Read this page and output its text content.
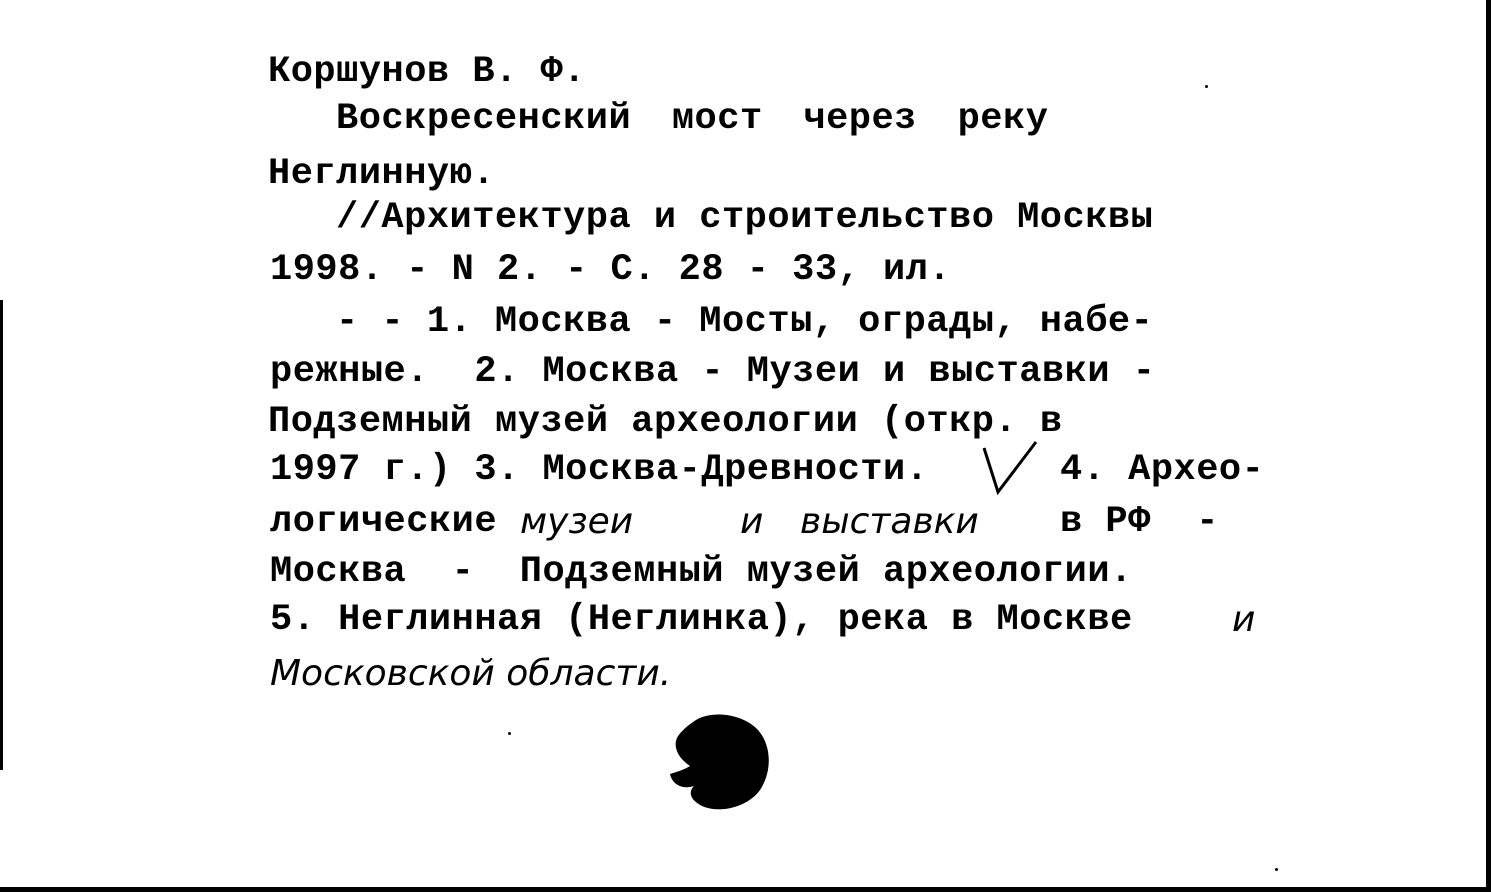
Коршунов В. Ф.
Воскресенский мост через реку
Неглинную.
//Архитектура и строительство Москвы
1998. - N 2. - С. 28 - 33, ил.
- - 1. Москва - Мосты, ограды, набе-
режные.  2. Москва - Музеи и выставки -
Подземный музей археологии (откр. в
1997 г.) 3. Москва-Древности.	4. Архео-
логические музеи	и выставки в РФ  -
Москва  -  Подземный музей археологии.
5. Неглинная (Неглинка), река в Москве	и
Московской области.
